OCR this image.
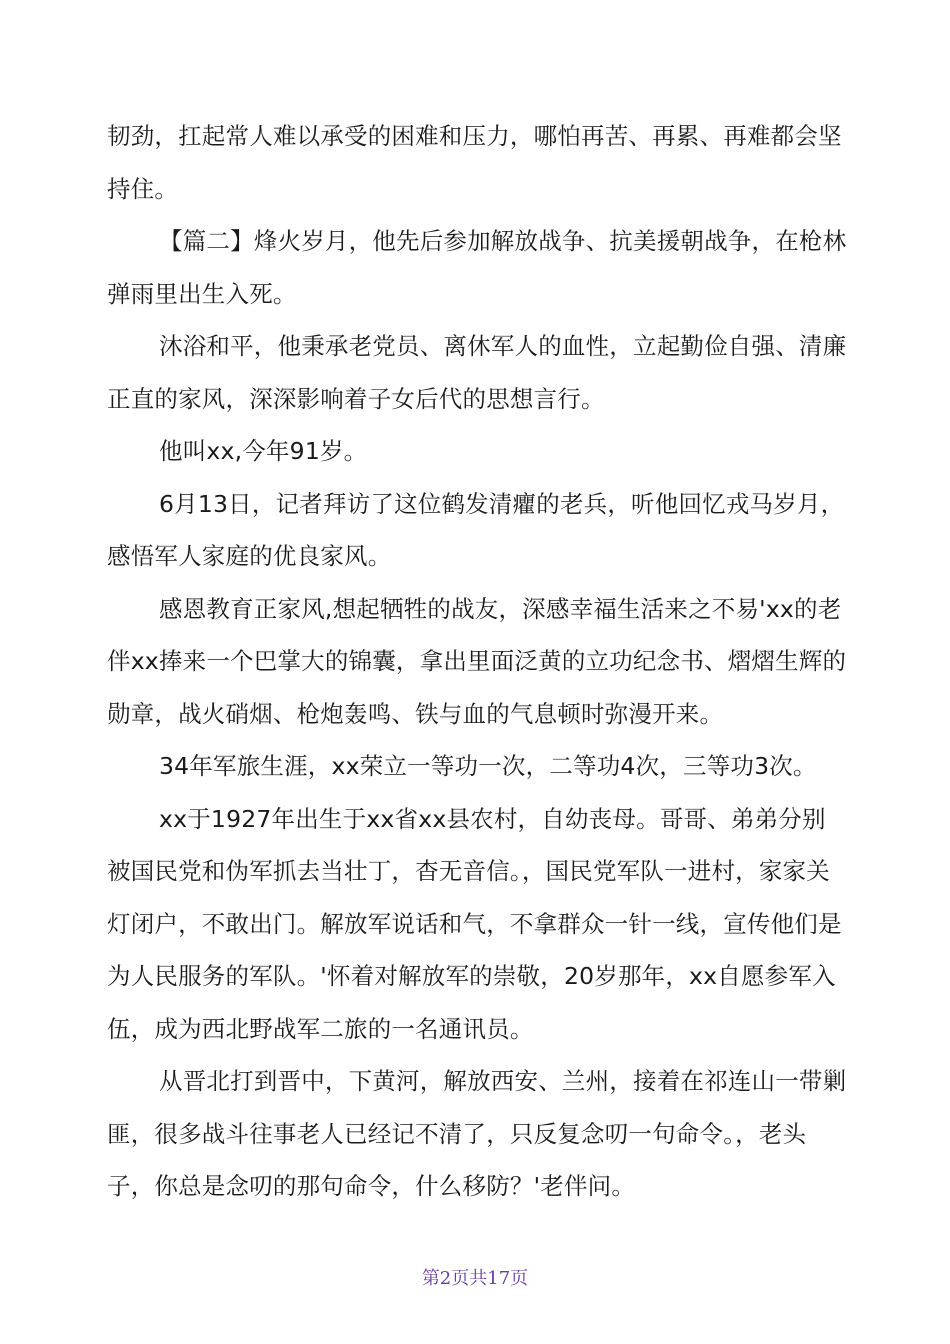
韧劲，扛起常人难以承受的困难和压力，哪怕再苦、再累、再难都会坚持住。

【篇二】烽火岁月，他先后参加解放战争、抗美援朝战争，在枪林弹雨里出生入死。

沐浴和平，他秉承老党员、离休军人的血性，立起勤俭自强、清廉正直的家风，深深影响着子女后代的思想言行。

他叫xx,今年91岁。

6月13日，记者拜访了这位鹤发清癯的老兵，听他回忆戎马岁月，感悟军人家庭的优良家风。

感恩教育正家风,想起牺牲的战友，深感幸福生活来之不易'xx的老伴xx捧来一个巴掌大的锦囊，拿出里面泛黄的立功纪念书、熠熠生辉的勋章，战火硝烟、枪炮轰鸣、铁与血的气息顿时弥漫开来。

34年军旅生涯，xx荣立一等功一次，二等功4次，三等功3次。

xx于1927年出生于xx省xx县农村，自幼丧母。哥哥、弟弟分别被国民党和伪军抓去当壮丁，杳无音信。，国民党军队一进村，家家关灯闭户，不敢出门。解放军说话和气，不拿群众一针一线，宣传他们是为人民服务的军队。'怀着对解放军的崇敬，20岁那年，xx自愿参军入伍，成为西北野战军二旅的一名通讯员。

从晋北打到晋中，下黄河，解放西安、兰州，接着在祁连山一带剿匪，很多战斗往事老人已经记不清了，只反复念叨一句命令。，老头子，你总是念叨的那句命令，什么移防？'老伴问。

第2页共17页
